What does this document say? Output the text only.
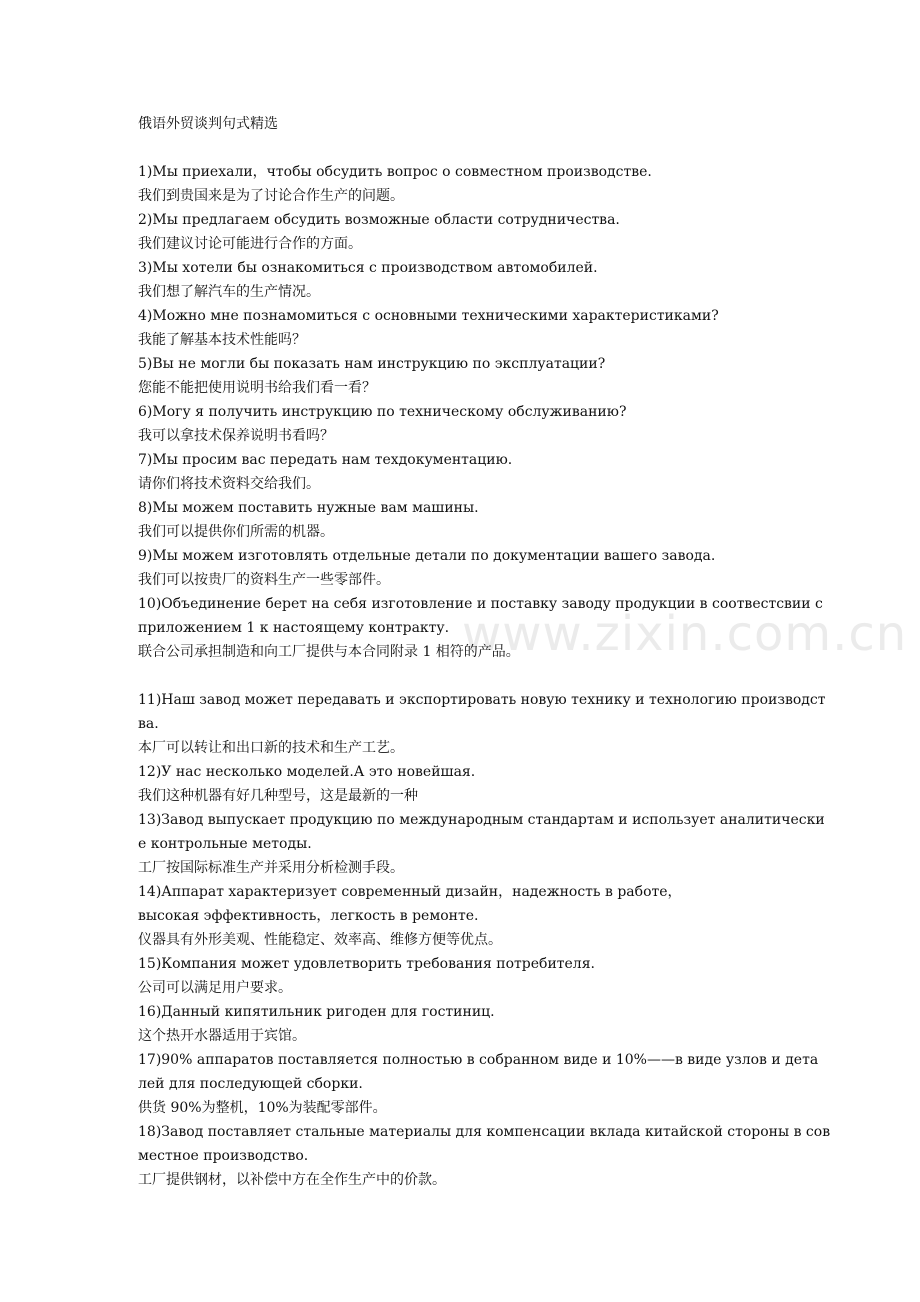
www.zixin.com.cn
俄语外贸谈判句式精选
1)Мы приехали，чтобы обсудить вопрос о совместном производстве.
我们到贵国来是为了讨论合作生产的问题。
2)Мы предлагаем обсудить возможные области сотрудничества.
我们建议讨论可能进行合作的方面。
3)Мы хотели бы ознакомиться с производством автомобилей.
我们想了解汽车的生产情况。
4)Можно мне познамомиться с основными техническими характеристиками?
我能了解基本技术性能吗？
5)Вы не могли бы показать нам инструкцию по эксплуатации?
您能不能把使用说明书给我们看一看？
6)Могу я получить инструкцию по техническому обслуживанию?
我可以拿技术保养说明书看吗？
7)Мы просим вас передать нам техдокументацию.
请你们将技术资料交给我们。
8)Мы можем поставить нужные вам машины.
我们可以提供你们所需的机器。
9)Мы можем изготовлять отдельные детали по документации вашего завода.
我们可以按贵厂的资料生产一些零部件。
10)Объединение берет на себя изготовление и поставку заводу продукции в соотвестсвии с
приложением 1 к настоящему контракту.
联合公司承担制造和向工厂提供与本合同附录 1 相符的产品。
11)Наш завод может передавать и экспортировать новую технику и технологию производст
ва.
本厂可以转让和出口新的技术和生产工艺。
12)У нас несколько моделей.А это новейшая.
我们这种机器有好几种型号，这是最新的一种
13)Завод выпускает продукцию по международным стандартам и использует аналитически
е контрольные методы.
工厂按国际标准生产并采用分析检测手段。
14)Аппарат характеризует современный дизайн，надежность в работе，
высокая эффективность，легкость в ремонте.
仪器具有外形美观、性能稳定、效率高、维修方便等优点。
15)Компания может удовлетворить требования потребителя.
公司可以满足用户要求。
16)Данный кипятильник ригоден для гостиниц.
这个热开水器适用于宾馆。
17)90% аппаратов поставляется полностью в собранном виде и 10%——в виде узлов и дета
лей для последующей сборки.
供货 90%为整机，10%为装配零部件。
18)Завод поставляет стальные материалы для компенсации вклада китайской стороны в сов
местное производство.
工厂提供钢材，以补偿中方在全作生产中的价款。
